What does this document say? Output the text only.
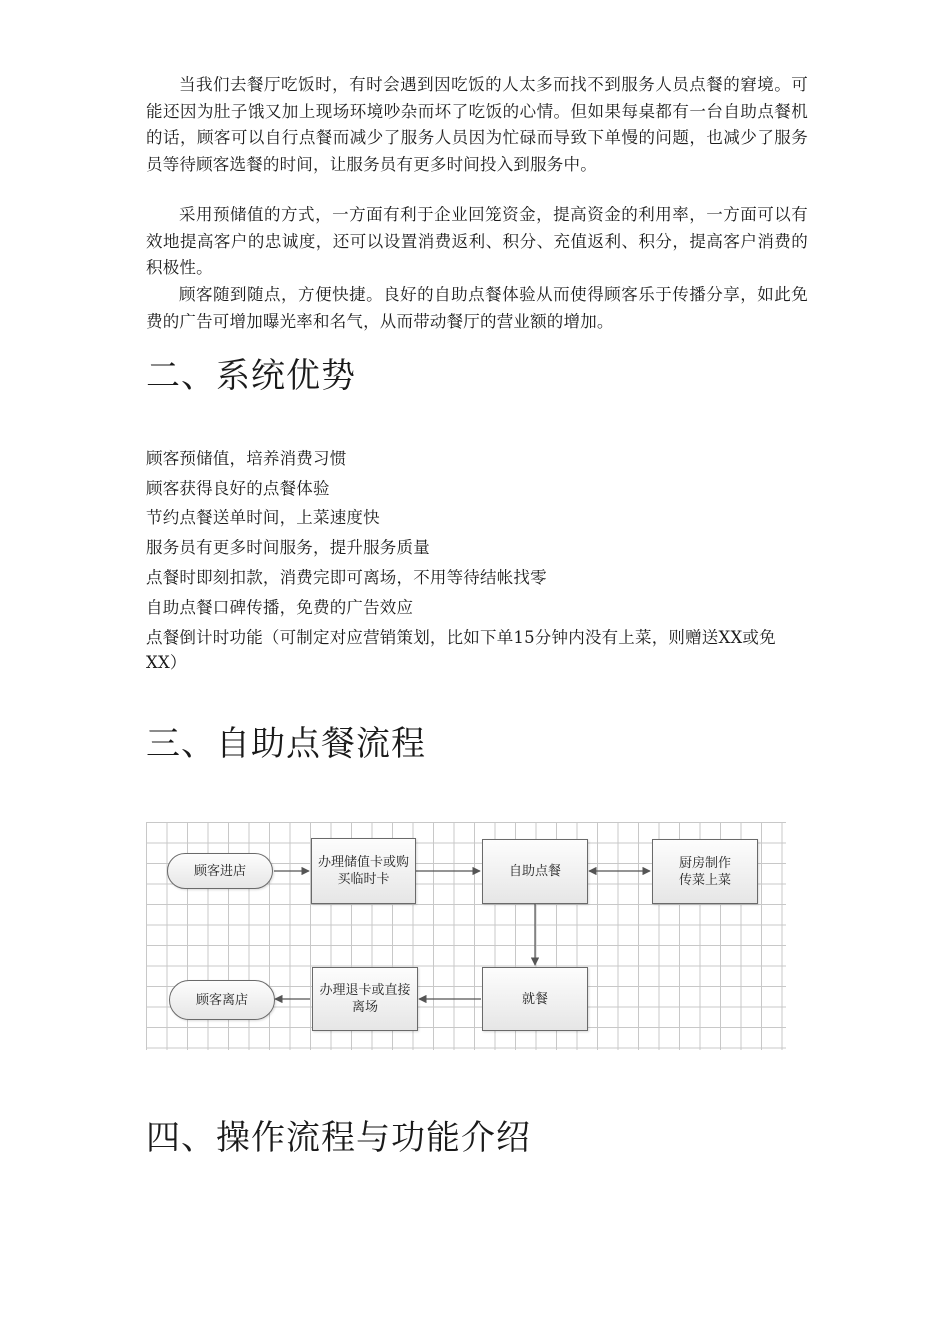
当我们去餐厅吃饭时，有时会遇到因吃饭的人太多而找不到服务人员点餐的窘境。可能还因为肚子饿又加上现场环境吵杂而坏了吃饭的心情。但如果每桌都有一台自助点餐机的话，顾客可以自行点餐而减少了服务人员因为忙碌而导致下单慢的问题，也减少了服务员等待顾客选餐的时间，让服务员有更多时间投入到服务中。

采用预储值的方式，一方面有利于企业回笼资金，提高资金的利用率，一方面可以有效地提高客户的忠诚度，还可以设置消费返利、积分、充值返利、积分，提高客户消费的积极性。

顾客随到随点，方便快捷。良好的自助点餐体验从而使得顾客乐于传播分享，如此免费的广告可增加曝光率和名气，从而带动餐厅的营业额的增加。

二、系统优势
顾客预储值，培养消费习惯
顾客获得良好的点餐体验
节约点餐送单时间，上菜速度快
服务员有更多时间服务，提升服务质量
点餐时即刻扣款，消费完即可离场，不用等待结帐找零
自助点餐口碑传播，免费的广告效应
点餐倒计时功能（可制定对应营销策划，比如下单15分钟内没有上菜，则赠送XX或免XX）
三、自助点餐流程
四、操作流程与功能介绍
顾客进店
办理储值卡或购买临时卡
自助点餐
厨房制作传菜上菜
就餐
办理退卡或直接离场
顾客离店
